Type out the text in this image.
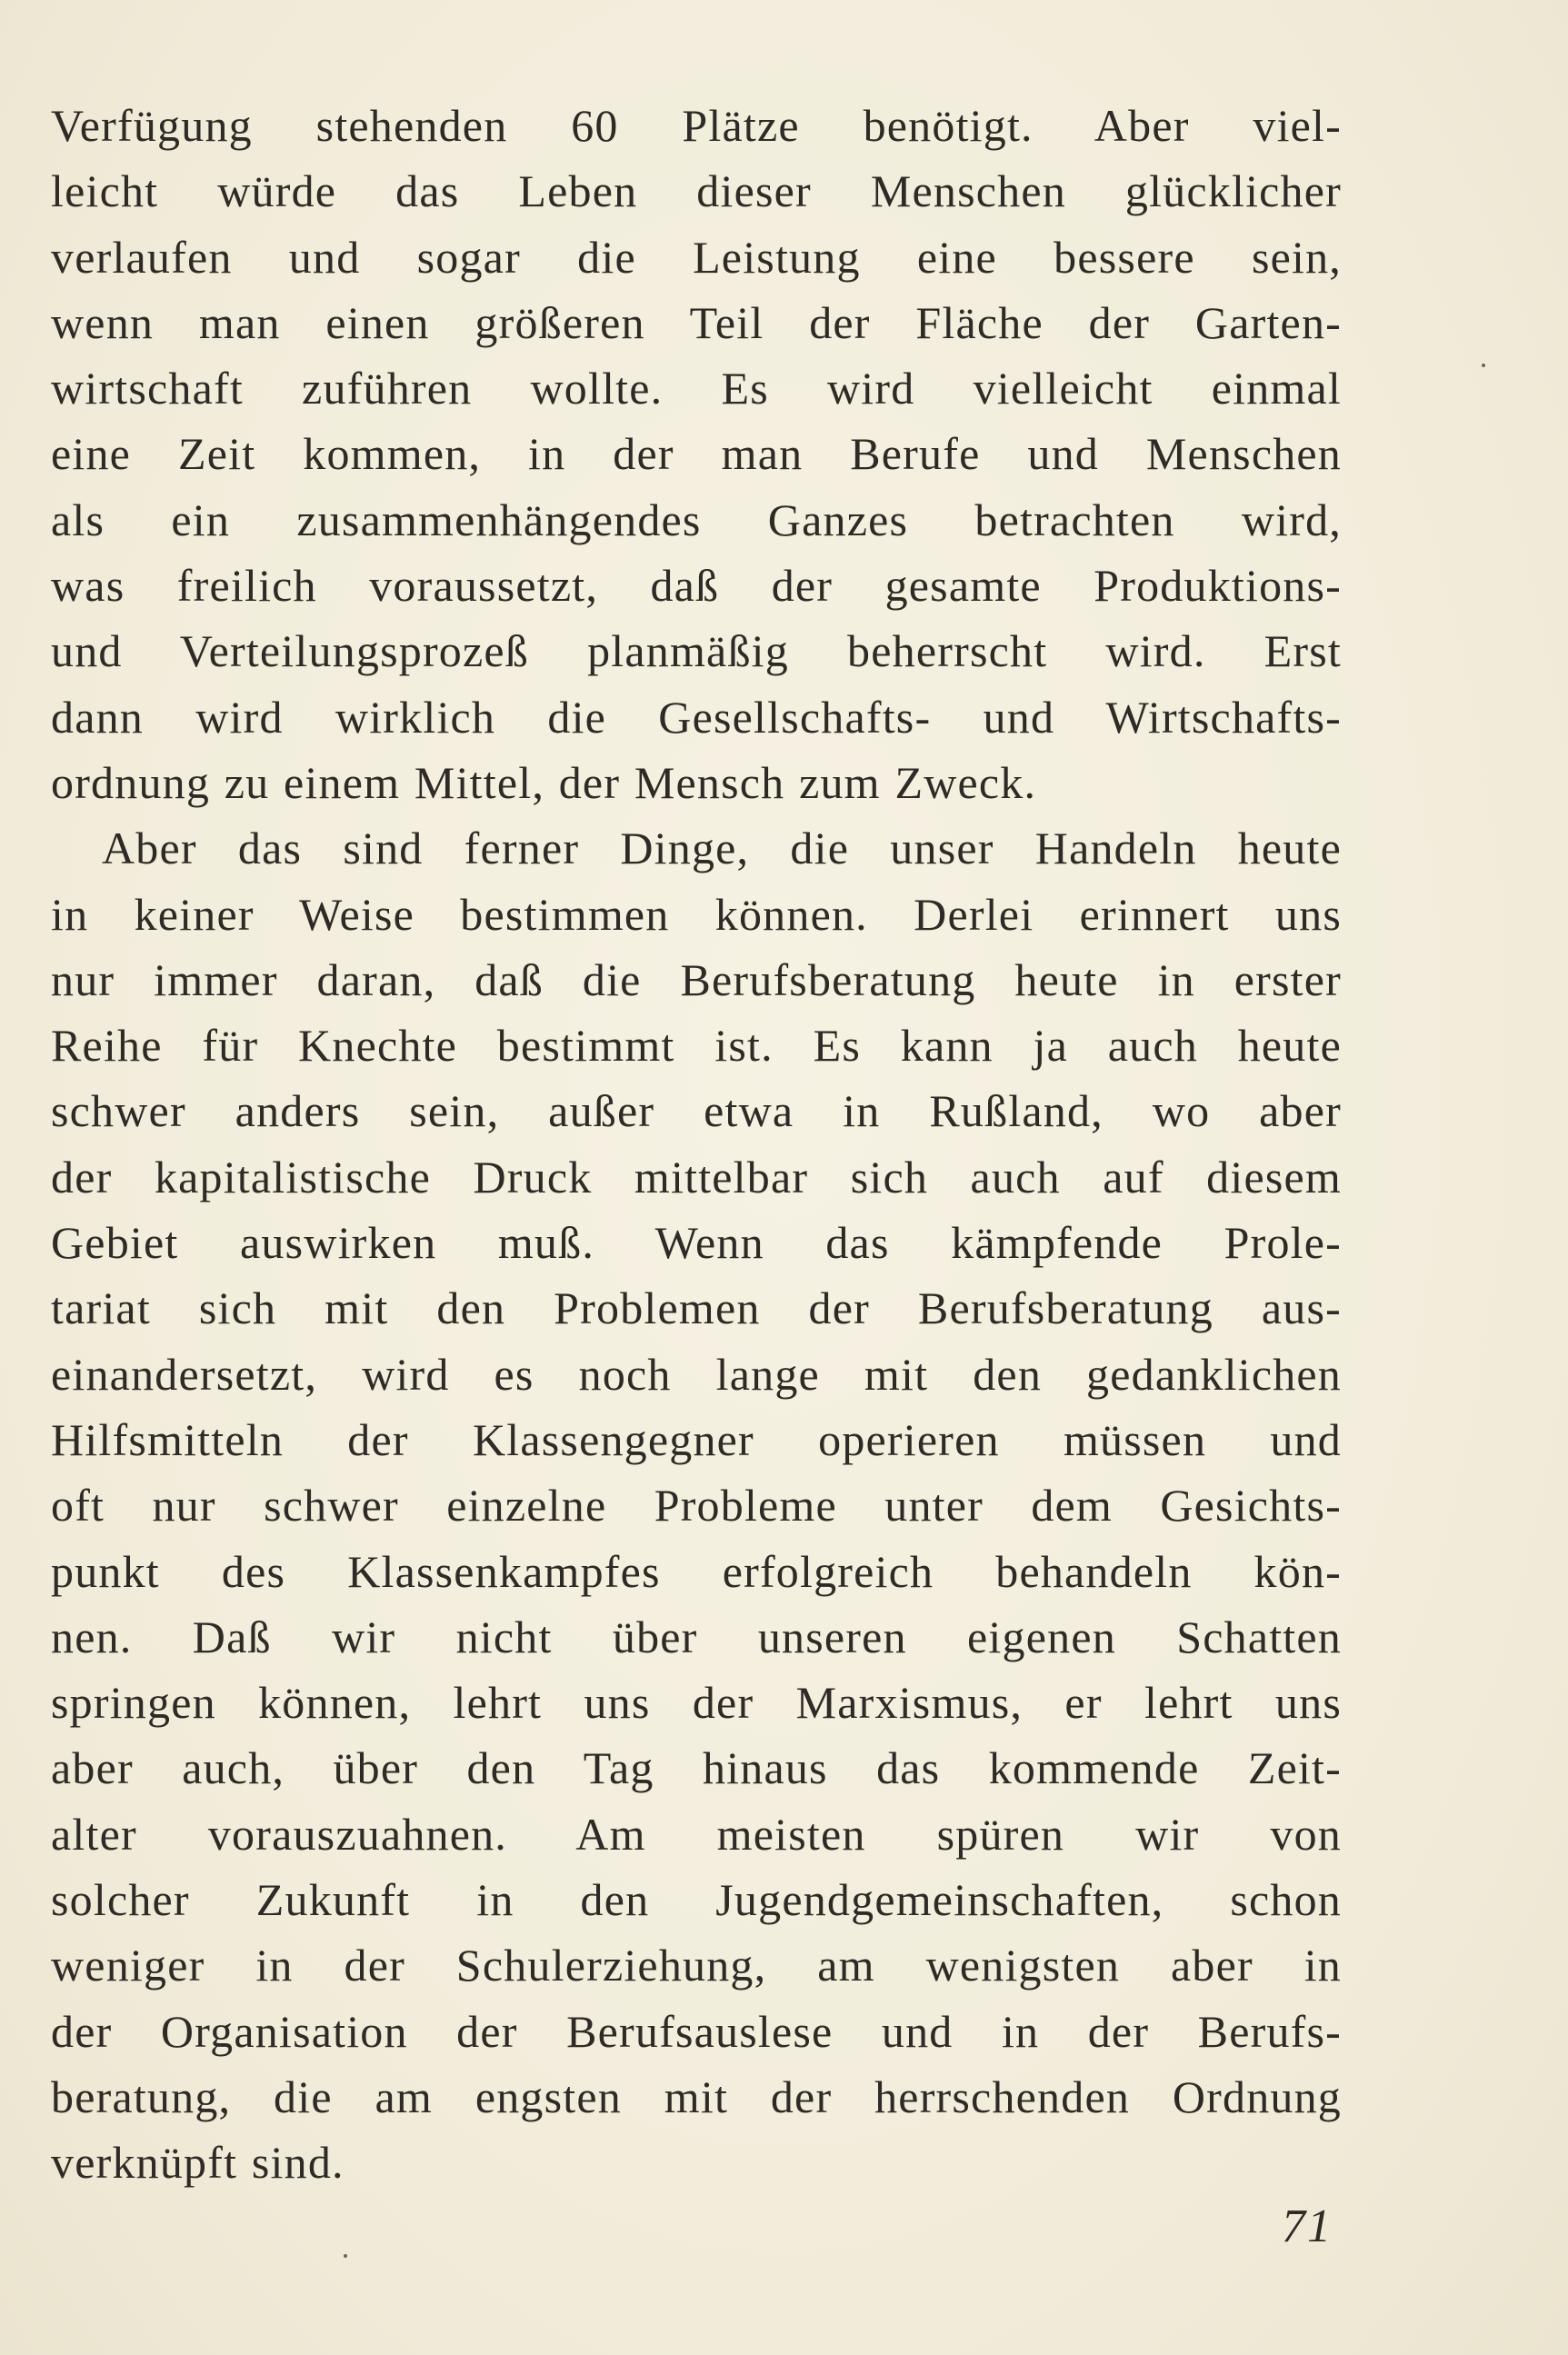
Verfügung stehenden 60 Plätze benötigt. Aber viel-
leicht würde das Leben dieser Menschen glücklicher
verlaufen und sogar die Leistung eine bessere sein,
wenn man einen größeren Teil der Fläche der Garten-
wirtschaft zuführen wollte. Es wird vielleicht einmal
eine Zeit kommen, in der man Berufe und Menschen
als ein zusammenhängendes Ganzes betrachten wird,
was freilich voraussetzt, daß der gesamte Produktions-
und Verteilungsprozeß planmäßig beherrscht wird. Erst
dann wird wirklich die Gesellschafts- und Wirtschafts-
ordnung zu einem Mittel, der Mensch zum Zweck.
Aber das sind ferner Dinge, die unser Handeln heute
in keiner Weise bestimmen können. Derlei erinnert uns
nur immer daran, daß die Berufsberatung heute in erster
Reihe für Knechte bestimmt ist. Es kann ja auch heute
schwer anders sein, außer etwa in Rußland, wo aber
der kapitalistische Druck mittelbar sich auch auf diesem
Gebiet auswirken muß. Wenn das kämpfende Prole-
tariat sich mit den Problemen der Berufsberatung aus-
einandersetzt, wird es noch lange mit den gedanklichen
Hilfsmitteln der Klassengegner operieren müssen und
oft nur schwer einzelne Probleme unter dem Gesichts-
punkt des Klassenkampfes erfolgreich behandeln kön-
nen. Daß wir nicht über unseren eigenen Schatten
springen können, lehrt uns der Marxismus, er lehrt uns
aber auch, über den Tag hinaus das kommende Zeit-
alter vorauszuahnen. Am meisten spüren wir von
solcher Zukunft in den Jugendgemeinschaften, schon
weniger in der Schulerziehung, am wenigsten aber in
der Organisation der Berufsauslese und in der Berufs-
beratung, die am engsten mit der herrschenden Ordnung
verknüpft sind.
71
